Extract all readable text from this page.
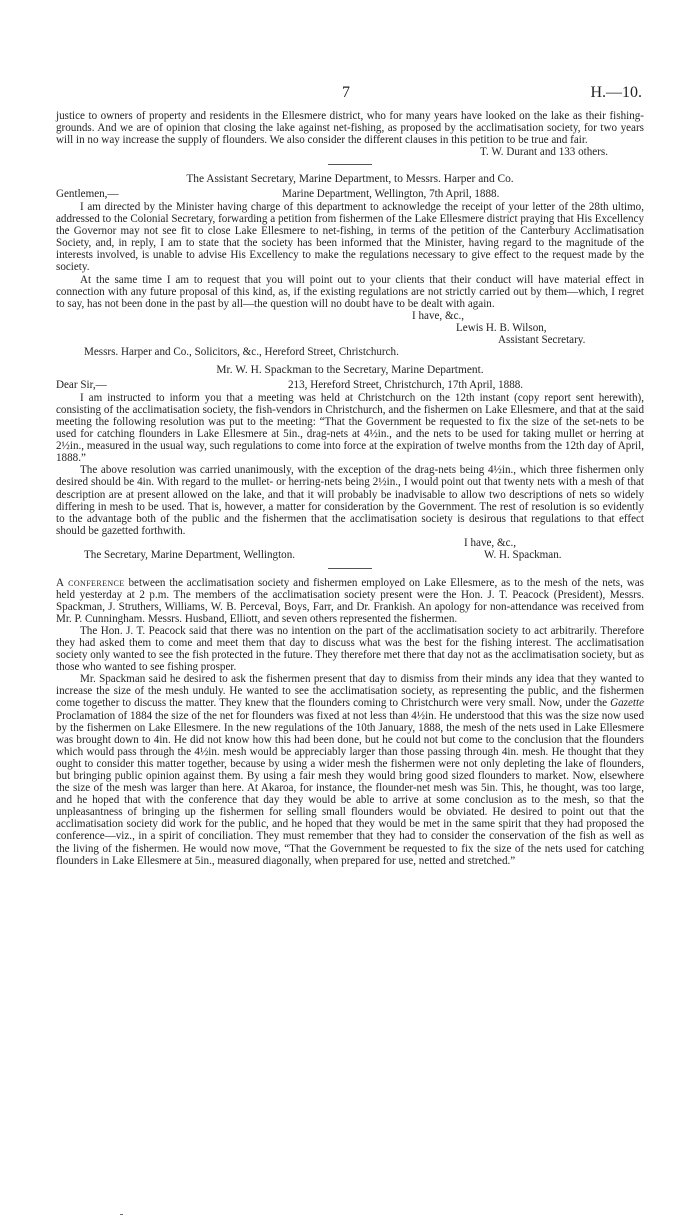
7	H.—10.

justice to owners of property and residents in the Ellesmere district, who for many years have looked on the lake as their fishing-grounds. And we are of opinion that closing the lake against net-fishing, as proposed by the acclimatisation society, for two years will in no way increase the supply of flounders. We also consider the different clauses in this petition to be true and fair.

T. W. Durant and 133 others.

The Assistant Secretary, Marine Department, to Messrs. Harper and Co.

Gentlemen,—	Marine Department, Wellington, 7th April, 1888.

I am directed by the Minister having charge of this department to acknowledge the receipt of your letter of the 28th ultimo, addressed to the Colonial Secretary, forwarding a petition from fishermen of the Lake Ellesmere district praying that His Excellency the Governor may not see fit to close Lake Ellesmere to net-fishing, in terms of the petition of the Canterbury Acclimatisation Society, and, in reply, I am to state that the society has been informed that the Minister, having regard to the magnitude of the interests involved, is unable to advise His Excellency to make the regulations necessary to give effect to the request made by the society.

At the same time I am to request that you will point out to your clients that their conduct will have material effect in connection with any future proposal of this kind, as, if the existing regulations are not strictly carried out by them—which, I regret to say, has not been done in the past by all—the question will no doubt have to be dealt with again.

I have, &c.,
Lewis H. B. Wilson,
Assistant Secretary.
Messrs. Harper and Co., Solicitors, &c., Hereford Street, Christchurch.

Mr. W. H. Spackman to the Secretary, Marine Department.

Dear Sir,—	213, Hereford Street, Christchurch, 17th April, 1888.

I am instructed to inform you that a meeting was held at Christchurch on the 12th instant (copy report sent herewith), consisting of the acclimatisation society, the fish-vendors in Christchurch, and the fishermen on Lake Ellesmere, and that at the said meeting the following resolution was put to the meeting: “That the Government be requested to fix the size of the set-nets to be used for catching flounders in Lake Ellesmere at 5in., drag-nets at 4½in., and the nets to be used for taking mullet or herring at 2½in., measured in the usual way, such regulations to come into force at the expiration of twelve months from the 12th day of April, 1888.”

The above resolution was carried unanimously, with the exception of the drag-nets being 4½in., which three fishermen only desired should be 4in. With regard to the mullet- or herring-nets being 2½in., I would point out that twenty nets with a mesh of that description are at present allowed on the lake, and that it will probably be inadvisable to allow two descriptions of nets so widely differing in mesh to be used. That is, however, a matter for consideration by the Government. The rest of resolution is so evidently to the advantage both of the public and the fishermen that the acclimatisation society is desirous that regulations to that effect should be gazetted forthwith.

I have, &c.,
The Secretary, Marine Department, Wellington.	W. H. Spackman.

A conference between the acclimatisation society and fishermen employed on Lake Ellesmere, as to the mesh of the nets, was held yesterday at 2 p.m. The members of the acclimatisation society present were the Hon. J. T. Peacock (President), Messrs. Spackman, J. Struthers, Williams, W. B. Perceval, Boys, Farr, and Dr. Frankish. An apology for non-attendance was received from Mr. P. Cunningham. Messrs. Husband, Elliott, and seven others represented the fishermen.

The Hon. J. T. Peacock said that there was no intention on the part of the acclimatisation society to act arbitrarily. Therefore they had asked them to come and meet them that day to discuss what was the best for the fishing interest. The acclimatisation society only wanted to see the fish protected in the future. They therefore met there that day not as the acclimatisation society, but as those who wanted to see fishing prosper.

Mr. Spackman said he desired to ask the fishermen present that day to dismiss from their minds any idea that they wanted to increase the size of the mesh unduly. He wanted to see the acclimatisation society, as representing the public, and the fishermen come together to discuss the matter. They knew that the flounders coming to Christchurch were very small. Now, under the Gazette Proclamation of 1884 the size of the net for flounders was fixed at not less than 4½in. He understood that this was the size now used by the fishermen on Lake Ellesmere. In the new regulations of the 10th January, 1888, the mesh of the nets used in Lake Ellesmere was brought down to 4in. He did not know how this had been done, but he could not but come to the conclusion that the flounders which would pass through the 4½in. mesh would be appreciably larger than those passing through 4in. mesh. He thought that they ought to consider this matter together, because by using a wider mesh the fishermen were not only depleting the lake of flounders, but bringing public opinion against them. By using a fair mesh they would bring good sized flounders to market. Now, elsewhere the size of the mesh was larger than here. At Akaroa, for instance, the flounder-net mesh was 5in. This, he thought, was too large, and he hoped that with the conference that day they would be able to arrive at some conclusion as to the mesh, so that the unpleasantness of bringing up the fishermen for selling small flounders would be obviated. He desired to point out that the acclimatisation society did work for the public, and he hoped that they would be met in the same spirit that they had proposed the conference—viz., in a spirit of conciliation. They must remember that they had to consider the conservation of the fish as well as the living of the fishermen. He would now move, “That the Government be requested to fix the size of the nets used for catching flounders in Lake Ellesmere at 5in., measured diagonally, when prepared for use, netted and stretched.”
